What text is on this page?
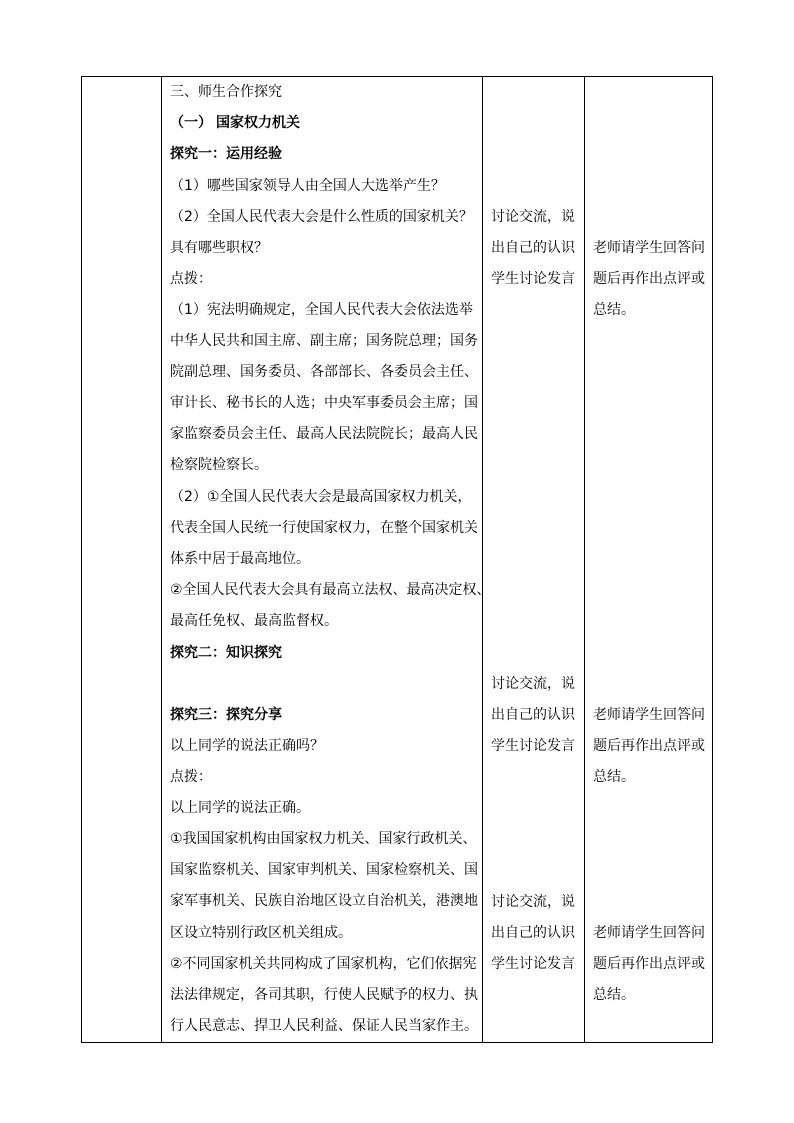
三、师生合作探究
（一） 国家权力机关
探究一：运用经验
（1）哪些国家领导人由全国人大选举产生？
（2）全国人民代表大会是什么性质的国家机关？
具有哪些职权？
点拨：
（1）宪法明确规定，全国人民代表大会依法选举
中华人民共和国主席、副主席；国务院总理；国务
院副总理、国务委员、各部部长、各委员会主任、
审计长、秘书长的人选；中央军事委员会主席；国
家监察委员会主任、最高人民法院院长；最高人民
检察院检察长。
（2）①全国人民代表大会是最高国家权力机关，
代表全国人民统一行使国家权力，在整个国家机关
体系中居于最高地位。
②全国人民代表大会具有最高立法权、最高决定权、
最高任免权、最高监督权。
探究二：知识探究
探究三：探究分享
以上同学的说法正确吗？
点拨：
以上同学的说法正确。
①我国国家机构由国家权力机关、国家行政机关、
国家监察机关、国家审判机关、国家检察机关、国
家军事机关、民族自治地区设立自治机关，港澳地
区设立特别行政区机关组成。
②不同国家机关共同构成了国家机构，它们依据宪
法法律规定，各司其职，行使人民赋予的权力、执
行人民意志、捍卫人民利益、保证人民当家作主。
讨论交流，说
出自己的认识
学生讨论发言
讨论交流，说
出自己的认识
学生讨论发言
讨论交流，说
出自己的认识
学生讨论发言
老师请学生回答问
题后再作出点评或
总结。
老师请学生回答问
题后再作出点评或
总结。
老师请学生回答问
题后再作出点评或
总结。
